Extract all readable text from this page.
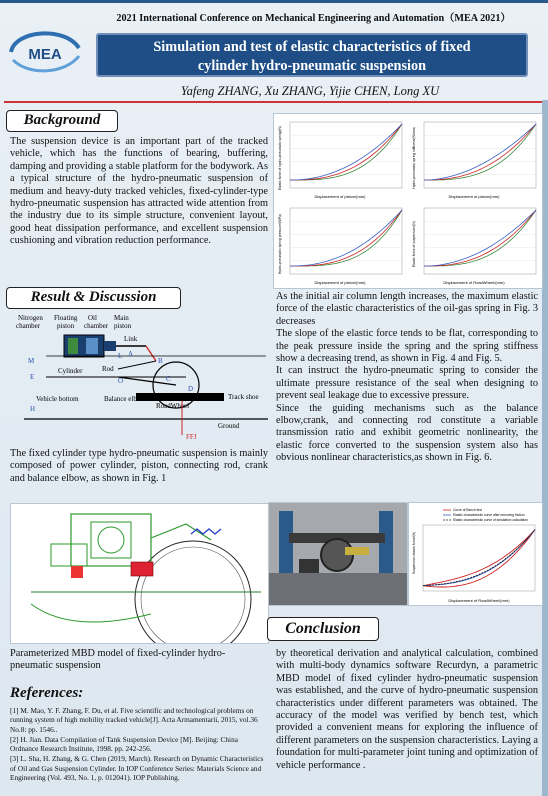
2021 International Conference on Mechanical Engineering and Automation（MEA 2021）
MEA	Simulation and test of elastic characteristics of fixed
cylinder hydro-pneumatic suspension
Yafeng ZHANG, Xu ZHANG, Yijie CHEN, Long XU
Background
The suspension device is an important part of the tracked vehicle, which has the functions of bearing, buffering, damping and providing a stable platform for the bodywork. As a typical structure of the hydro-pneumatic suspension of medium and heavy-duty tracked vehicles, fixed-cylinder-type hydro-pneumatic suspension has attracted wide attention from the industry due to its simple structure, convenient layout, good heat dissipation performance, and excellent suspension cushioning and vibration reduction performance.
Result & Discussion
Nitrogen
chamber
Floating
piston
Oil
chamber
Main
piston
Link
Cylinder	Rod
RoadWheel
Track shoe
Vehicle bottom	Balance elbow
Ground
FFJ
M
E
H
L A
B
C
D
O
The fixed cylinder type hydro-pneumatic suspension is mainly composed of power cylinder, piston, connecting rod, crank and balance elbow, as shown in Fig. 1
Parameterized MBD model of fixed-cylinder hydro-pneumatic suspension
References:

[1] M. Mao, Y. F. Zhang, F. Du, et al. Five scientific and technological problems on running system of high mobility tracked vehicle[J]. Acta Armamentarii, 2015, vol.36 No.8: pp. 1546..

[2] H. Jian. Data Compilation of Tank Suspension Device [M]. Beijing: China Ordnance Research Institute, 1998. pp. 242-256.

[3] L. Sha, H. Zhang, & G. Chen (2019, March). Research on Dynamic Characteristics of Oil and Gas Suspension Cylinder. In IOP Conference Series: Materials Science and Engineering (Vol. 493, No. 1, p. 012041). IOP Publishing.

Displacement of piston/(mm)
Elastic force of hydro-pneumatic spring/(N)
Displacement of piston/(mm)
Hydro-pneumatic spring stiffness/(N/mm)
Displacement of piston/(mm)
Hydro-pneumatic spring pressure/(MPa)
Displacement of RoadWheel/(mm)
Elastic force of suspension/(N)

As the initial air column length increases, the maximum elastic force of the elastic characteristics of the oil-gas spring in Fig. 3 decreases

The slope of the elastic force tends to be flat, corresponding to the peak pressure inside the spring and the spring stiffness show a decreasing trend, as shown in Fig. 4 and Fig. 5.

It can instruct the hydro-pneumatic spring to consider the ultimate pressure resistance of the seal when designing to prevent seal leakage due to excessive pressure.

Since the guiding mechanisms such as the balance elbow,crank, and connecting rod constitute a variable transmission ratio and exhibit geometric nonlinearity, the elastic force converted to the suspension system also has obvious nonlinear characteristics,as shown in Fig. 6.

Curve of Bench test
Elastic characteristic curve after removing friction
Elastic characteristic curve of simulation calculation
Displacement of RoadWheel/(mm)
Suspension elastic force/(N)
Conclusion
by theoretical derivation and analytical calculation, combined with multi-body dynamics software Recurdyn, a parametric MBD model of fixed cylinder hydro-pneumatic suspension was established, and the curve of hydro-pneumatic suspension characteristics under different parameters was obtained. The accuracy of the model was verified by bench test, which provided a convenient means for exploring the influence of different parameters on the suspension characteristics. Laying a foundation for multi-parameter joint tuning and optimization of vehicle performance .
